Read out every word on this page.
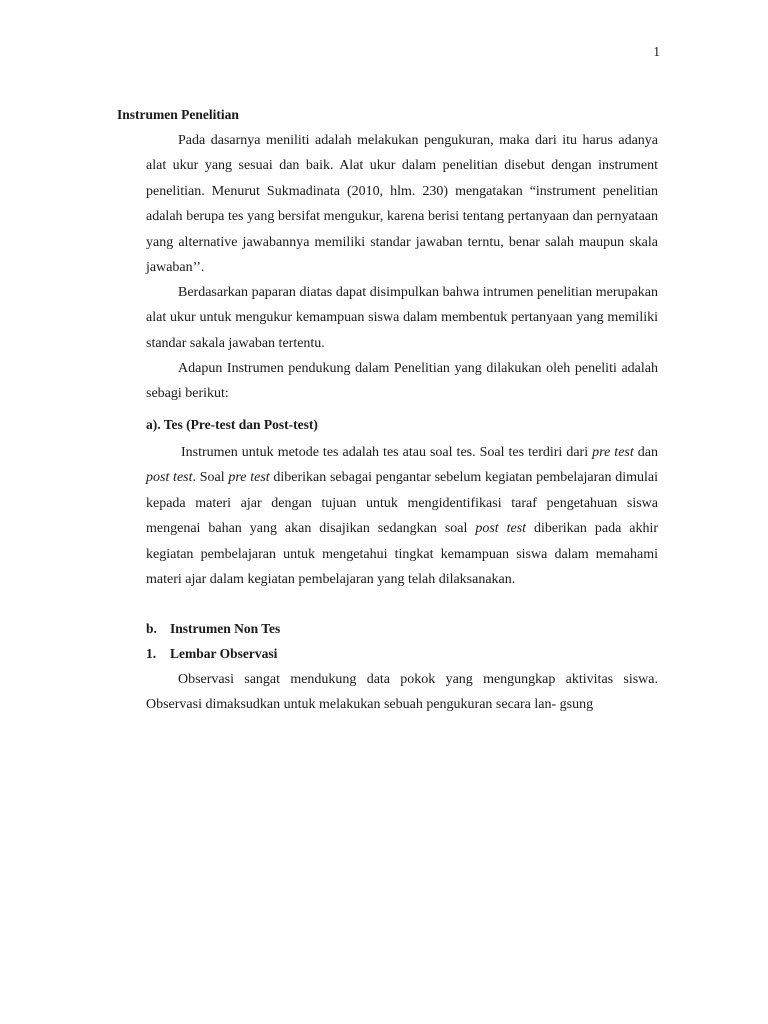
1
Instrumen Penelitian

Pada dasarnya meniliti adalah melakukan pengukuran, maka dari itu harus adanya alat ukur yang sesuai dan baik. Alat ukur dalam penelitian disebut dengan instrument penelitian. Menurut Sukmadinata (2010, hlm. 230) mengatakan “instrument penelitian adalah berupa tes yang bersifat mengukur, karena berisi tentang pertanyaan dan pernyataan yang alternative jawabannya memiliki standar jawaban terntu, benar salah maupun skala jawaban’’.

Berdasarkan paparan diatas dapat disimpulkan bahwa intrumen penelitian merupakan alat ukur untuk mengukur kemampuan siswa dalam membentuk pertanyaan yang memiliki standar sakala jawaban tertentu.

Adapun Instrumen pendukung dalam Penelitian yang dilakukan oleh peneliti adalah sebagi berikut:

a). Tes (Pre-test dan Post-test)

Instrumen untuk metode tes adalah tes atau soal tes. Soal tes terdiri dari pre test dan post test. Soal pre test diberikan sebagai pengantar sebelum kegiatan pembelajaran dimulai kepada materi ajar dengan tujuan untuk mengidentifikasi taraf pengetahuan siswa mengenai bahan yang akan disajikan sedangkan soal post test diberikan pada akhir kegiatan pembelajaran untuk mengetahui tingkat kemampuan siswa dalam memahami materi ajar dalam kegiatan pembelajaran yang telah dilaksanakan.

b. Instrumen Non Tes
1. Lembar Observasi

Observasi sangat mendukung data pokok yang mengungkap aktivitas siswa. Observasi dimaksudkan untuk melakukan sebuah pengukuran secara lan- gsung
